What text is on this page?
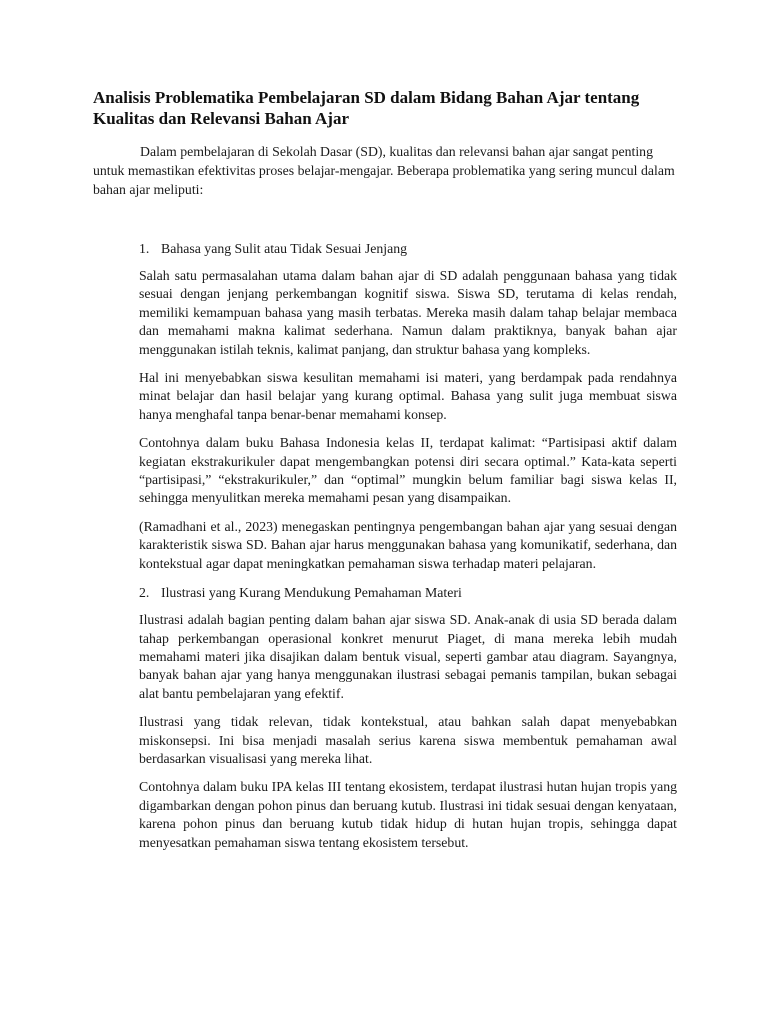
Analisis Problematika Pembelajaran SD dalam Bidang Bahan Ajar tentang Kualitas dan Relevansi Bahan Ajar

Dalam pembelajaran di Sekolah Dasar (SD), kualitas dan relevansi bahan ajar sangat penting untuk memastikan efektivitas proses belajar-mengajar. Beberapa problematika yang sering muncul dalam bahan ajar meliputi:

1. Bahasa yang Sulit atau Tidak Sesuai Jenjang

Salah satu permasalahan utama dalam bahan ajar di SD adalah penggunaan bahasa yang tidak sesuai dengan jenjang perkembangan kognitif siswa. Siswa SD, terutama di kelas rendah, memiliki kemampuan bahasa yang masih terbatas. Mereka masih dalam tahap belajar membaca dan memahami makna kalimat sederhana. Namun dalam praktiknya, banyak bahan ajar menggunakan istilah teknis, kalimat panjang, dan struktur bahasa yang kompleks.

Hal ini menyebabkan siswa kesulitan memahami isi materi, yang berdampak pada rendahnya minat belajar dan hasil belajar yang kurang optimal. Bahasa yang sulit juga membuat siswa hanya menghafal tanpa benar-benar memahami konsep.

Contohnya dalam buku Bahasa Indonesia kelas II, terdapat kalimat: “Partisipasi aktif dalam kegiatan ekstrakurikuler dapat mengembangkan potensi diri secara optimal.” Kata-kata seperti “partisipasi,” “ekstrakurikuler,” dan “optimal” mungkin belum familiar bagi siswa kelas II, sehingga menyulitkan mereka memahami pesan yang disampaikan.

(Ramadhani et al., 2023) menegaskan pentingnya pengembangan bahan ajar yang sesuai dengan karakteristik siswa SD. Bahan ajar harus menggunakan bahasa yang komunikatif, sederhana, dan kontekstual agar dapat meningkatkan pemahaman siswa terhadap materi pelajaran.

2. Ilustrasi yang Kurang Mendukung Pemahaman Materi

Ilustrasi adalah bagian penting dalam bahan ajar siswa SD. Anak-anak di usia SD berada dalam tahap perkembangan operasional konkret menurut Piaget, di mana mereka lebih mudah memahami materi jika disajikan dalam bentuk visual, seperti gambar atau diagram. Sayangnya, banyak bahan ajar yang hanya menggunakan ilustrasi sebagai pemanis tampilan, bukan sebagai alat bantu pembelajaran yang efektif.

Ilustrasi yang tidak relevan, tidak kontekstual, atau bahkan salah dapat menyebabkan miskonsepsi. Ini bisa menjadi masalah serius karena siswa membentuk pemahaman awal berdasarkan visualisasi yang mereka lihat.

Contohnya dalam buku IPA kelas III tentang ekosistem, terdapat ilustrasi hutan hujan tropis yang digambarkan dengan pohon pinus dan beruang kutub. Ilustrasi ini tidak sesuai dengan kenyataan, karena pohon pinus dan beruang kutub tidak hidup di hutan hujan tropis, sehingga dapat menyesatkan pemahaman siswa tentang ekosistem tersebut.
